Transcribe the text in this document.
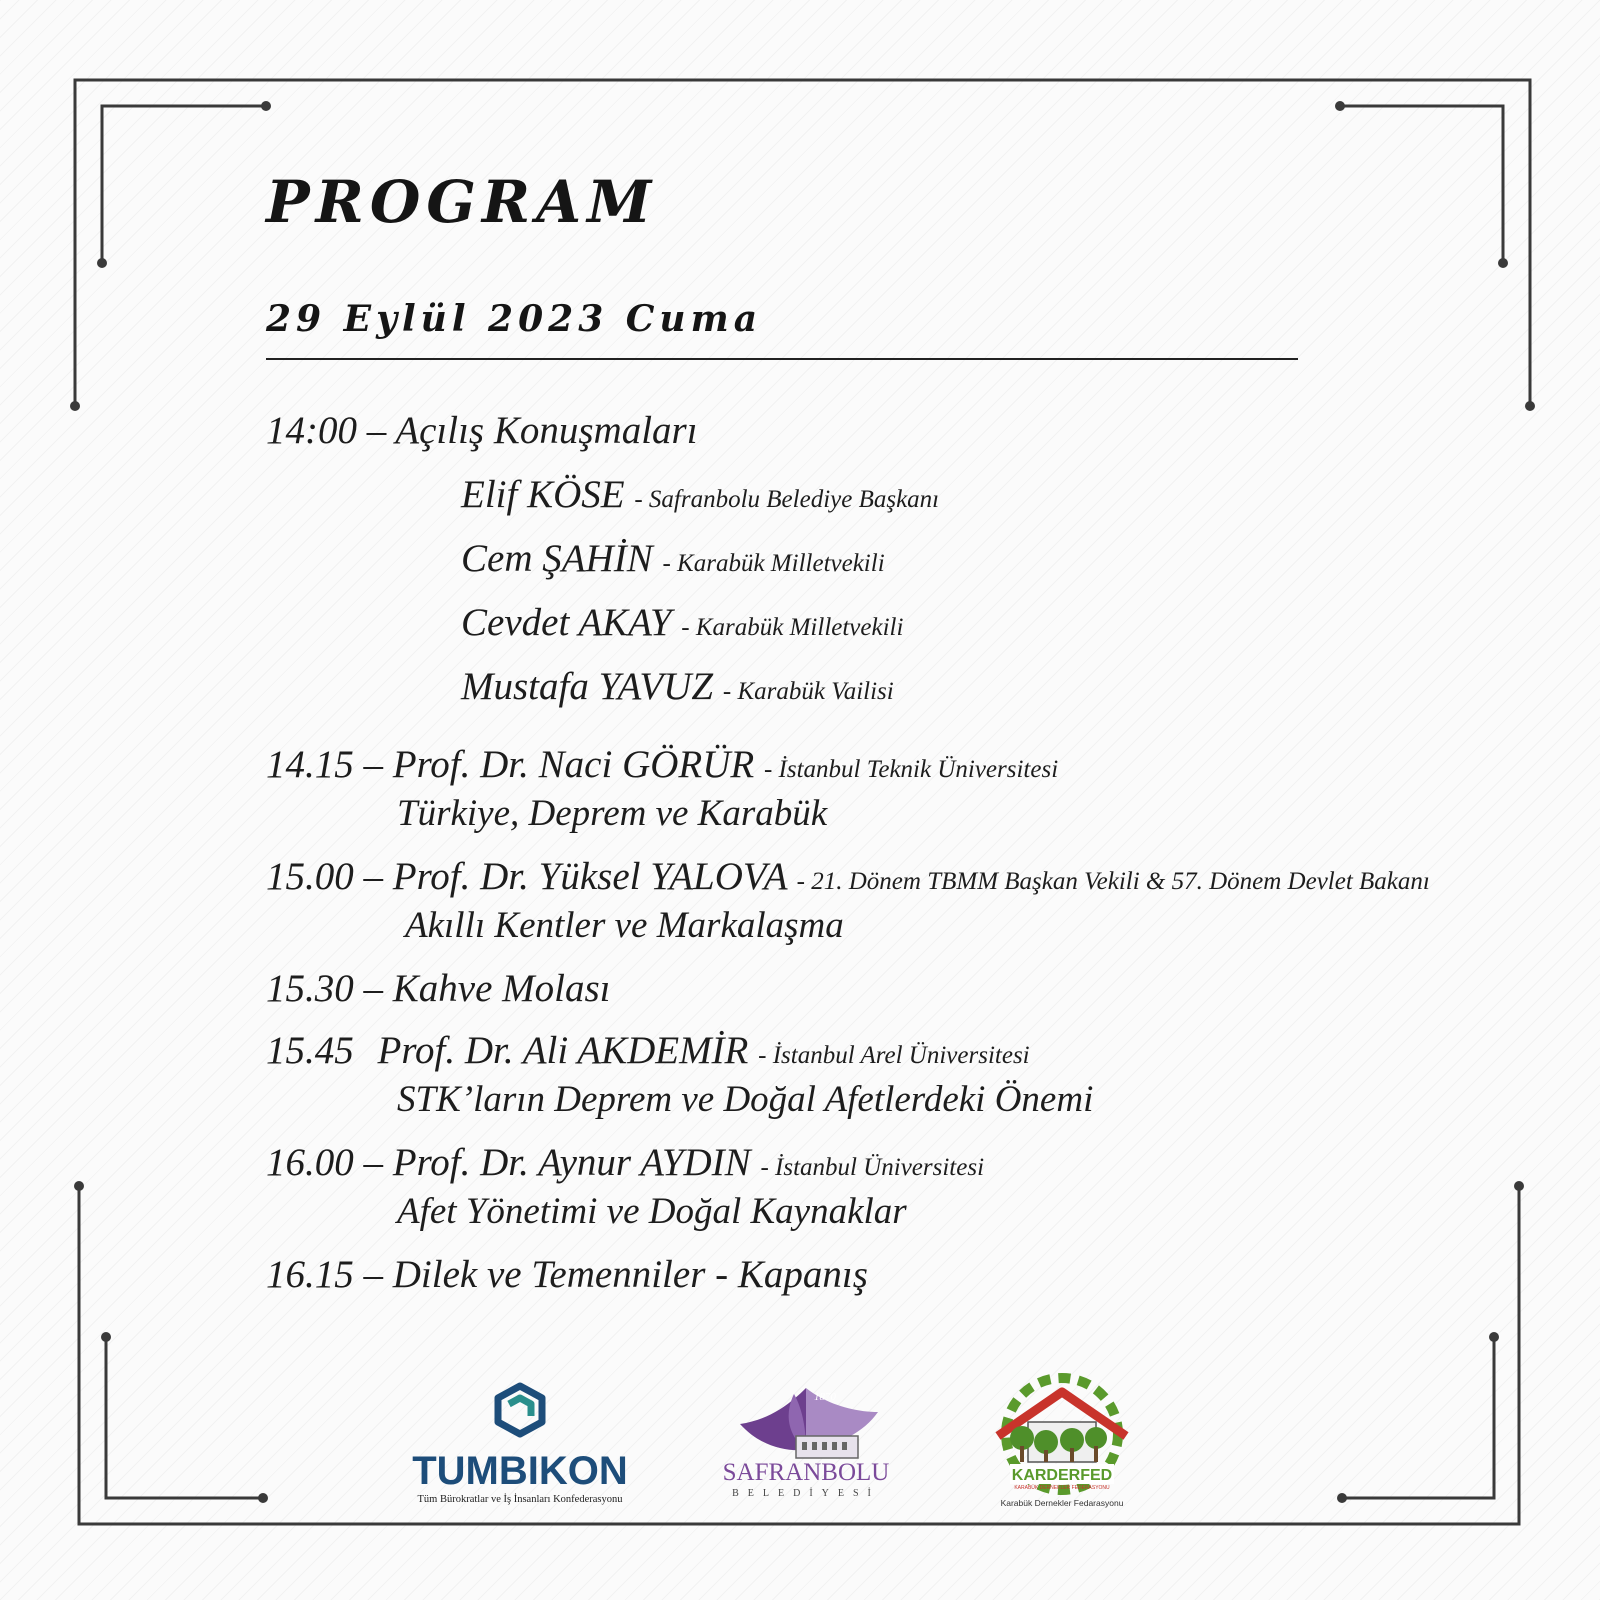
PROGRAM
29 Eylül 2023 Cuma
14:00 – Açılış Konuşmaları
Elif KÖSE - Safranbolu Belediye Başkanı
Cem ŞAHİN - Karabük Milletvekili
Cevdet AKAY - Karabük Milletvekili
Mustafa YAVUZ - Karabük Vailisi
14.15 – Prof. Dr. Naci GÖRÜR - İstanbul Teknik Üniversitesi
Türkiye, Deprem ve Karabük
15.00 – Prof. Dr. Yüksel YALOVA - 21. Dönem TBMM Başkan Vekili & 57. Dönem Devlet Bakanı
Akıllı Kentler ve Markalaşma
15.30 – Kahve Molası
15.45 Prof. Dr. Ali AKDEMİR - İstanbul Arel Üniversitesi
STK’ların Deprem ve Doğal Afetlerdeki Önemi
16.00 – Prof. Dr. Aynur AYDIN - İstanbul Üniversitesi
Afet Yönetimi ve Doğal Kaynaklar
16.15 – Dilek ve Temenniler - Kapanış
TUMBIKON
Tüm Bürokratlar ve İş İnsanları Konfederasyonu
1870
SAFRANBOLU
BELEDİYESİ
KARDERFED
KARABÜK DERNEKLER FEDERASYONU
Karabük Dernekler Fedarasyonu
